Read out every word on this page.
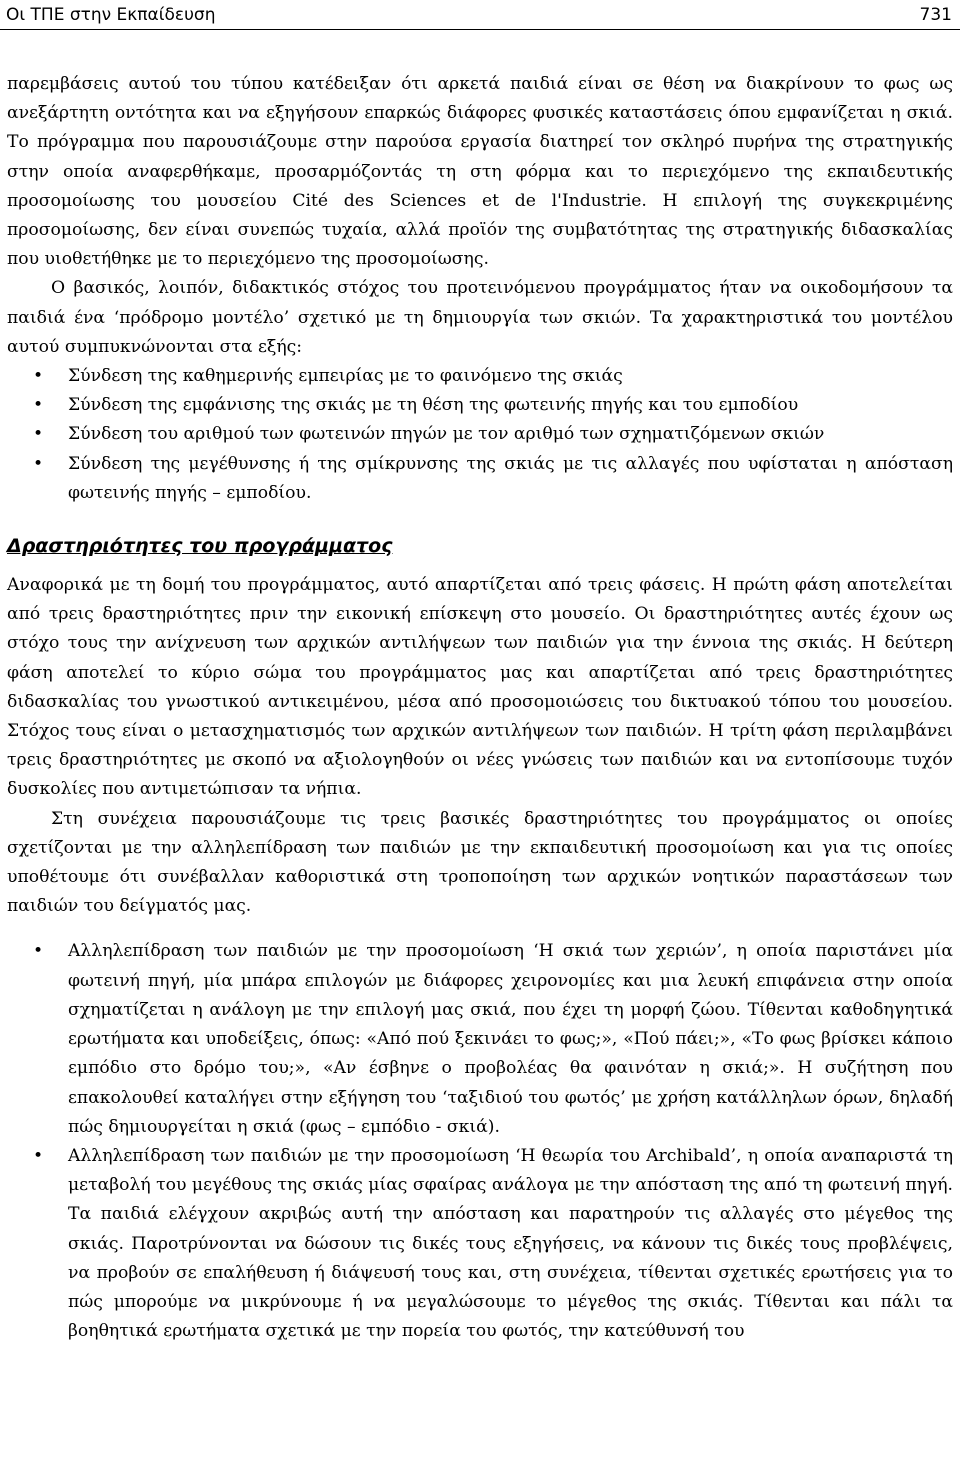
Οι ΤΠΕ στην Εκπαίδευση	731

παρεμβάσεις αυτού του τύπου κατέδειξαν ότι αρκετά παιδιά είναι σε θέση να διακρίνουν το φως ως ανεξάρτητη οντότητα και να εξηγήσουν επαρκώς διάφορες φυσικές καταστάσεις όπου εμφανίζεται η σκιά. Το πρόγραμμα που παρουσιάζουμε στην παρούσα εργασία διατηρεί τον σκληρό πυρήνα της στρατηγικής στην οποία αναφερθήκαμε, προσαρμόζοντάς τη στη φόρμα και το περιεχόμενο της εκπαιδευτικής προσομοίωσης του μουσείου Cité des Sciences et de l'Industrie. Η επιλογή της συγκεκριμένης προσομοίωσης, δεν είναι συνεπώς τυχαία, αλλά προϊόν της συμβατότητας της στρατηγικής διδασκαλίας που υιοθετήθηκε με το περιεχόμενο της προσομοίωσης.

Ο βασικός, λοιπόν, διδακτικός στόχος του προτεινόμενου προγράμματος ήταν να οικοδομήσουν τα παιδιά ένα ‘πρόδρομο μοντέλο’ σχετικό με τη δημιουργία των σκιών. Τα χαρακτηριστικά του μοντέλου αυτού συμπυκνώνονται στα εξής:

• Σύνδεση της καθημερινής εμπειρίας με το φαινόμενο της σκιάς
• Σύνδεση της εμφάνισης της σκιάς με τη θέση της φωτεινής πηγής και του εμποδίου
• Σύνδεση του αριθμού των φωτεινών πηγών με τον αριθμό των σχηματιζόμενων σκιών
• Σύνδεση της μεγέθυνσης ή της σμίκρυνσης της σκιάς με τις αλλαγές που υφίσταται η απόσταση φωτεινής πηγής – εμποδίου.
Δραστηριότητες του προγράμματος

Αναφορικά με τη δομή του προγράμματος, αυτό απαρτίζεται από τρεις φάσεις. Η πρώτη φάση αποτελείται από τρεις δραστηριότητες πριν την εικονική επίσκεψη στο μουσείο. Οι δραστηριότητες αυτές έχουν ως στόχο τους την ανίχνευση των αρχικών αντιλήψεων των παιδιών για την έννοια της σκιάς. Η δεύτερη φάση αποτελεί το κύριο σώμα του προγράμματος μας και απαρτίζεται από τρεις δραστηριότητες διδασκαλίας του γνωστικού αντικειμένου, μέσα από προσομοιώσεις του δικτυακού τόπου του μουσείου. Στόχος τους είναι ο μετασχηματισμός των αρχικών αντιλήψεων των παιδιών. Η τρίτη φάση περιλαμβάνει τρεις δραστηριότητες με σκοπό να αξιολογηθούν οι νέες γνώσεις των παιδιών και να εντοπίσουμε τυχόν δυσκολίες που αντιμετώπισαν τα νήπια.

Στη συνέχεια παρουσιάζουμε τις τρεις βασικές δραστηριότητες του προγράμματος οι οποίες σχετίζονται με την αλληλεπίδραση των παιδιών με την εκπαιδευτική προσομοίωση και για τις οποίες υποθέτουμε ότι συνέβαλλαν καθοριστικά στη τροποποίηση των αρχικών νοητικών παραστάσεων των παιδιών του δείγματός μας.

• Αλληλεπίδραση των παιδιών με την προσομοίωση ‘Η σκιά των χεριών’, η οποία παριστάνει μία φωτεινή πηγή, μία μπάρα επιλογών με διάφορες χειρονομίες και μια λευκή επιφάνεια στην οποία σχηματίζεται η ανάλογη με την επιλογή μας σκιά, που έχει τη μορφή ζώου. Τίθενται καθοδηγητικά ερωτήματα και υποδείξεις, όπως: «Από πού ξεκινάει το φως;», «Πού πάει;», «Το φως βρίσκει κάποιο εμπόδιο στο δρόμο του;», «Αν έσβηνε ο προβολέας θα φαινόταν η σκιά;». Η συζήτηση που επακολουθεί καταλήγει στην εξήγηση του ‘ταξιδιού του φωτός’ με χρήση κατάλληλων όρων, δηλαδή πώς δημιουργείται η σκιά (φως – εμπόδιο - σκιά).
• Αλληλεπίδραση των παιδιών με την προσομοίωση ‘Η θεωρία του Archibald’, η οποία αναπαριστά τη μεταβολή του μεγέθους της σκιάς μίας σφαίρας ανάλογα με την απόσταση της από τη φωτεινή πηγή. Τα παιδιά ελέγχουν ακριβώς αυτή την απόσταση και παρατηρούν τις αλλαγές στο μέγεθος της σκιάς. Παροτρύνονται να δώσουν τις δικές τους εξηγήσεις, να κάνουν τις δικές τους προβλέψεις, να προβούν σε επαλήθευση ή διάψευσή τους και, στη συνέχεια, τίθενται σχετικές ερωτήσεις για το πώς μπορούμε να μικρύνουμε ή να μεγαλώσουμε το μέγεθος της σκιάς. Τίθενται και πάλι τα βοηθητικά ερωτήματα σχετικά με την πορεία του φωτός, την κατεύθυνσή του
